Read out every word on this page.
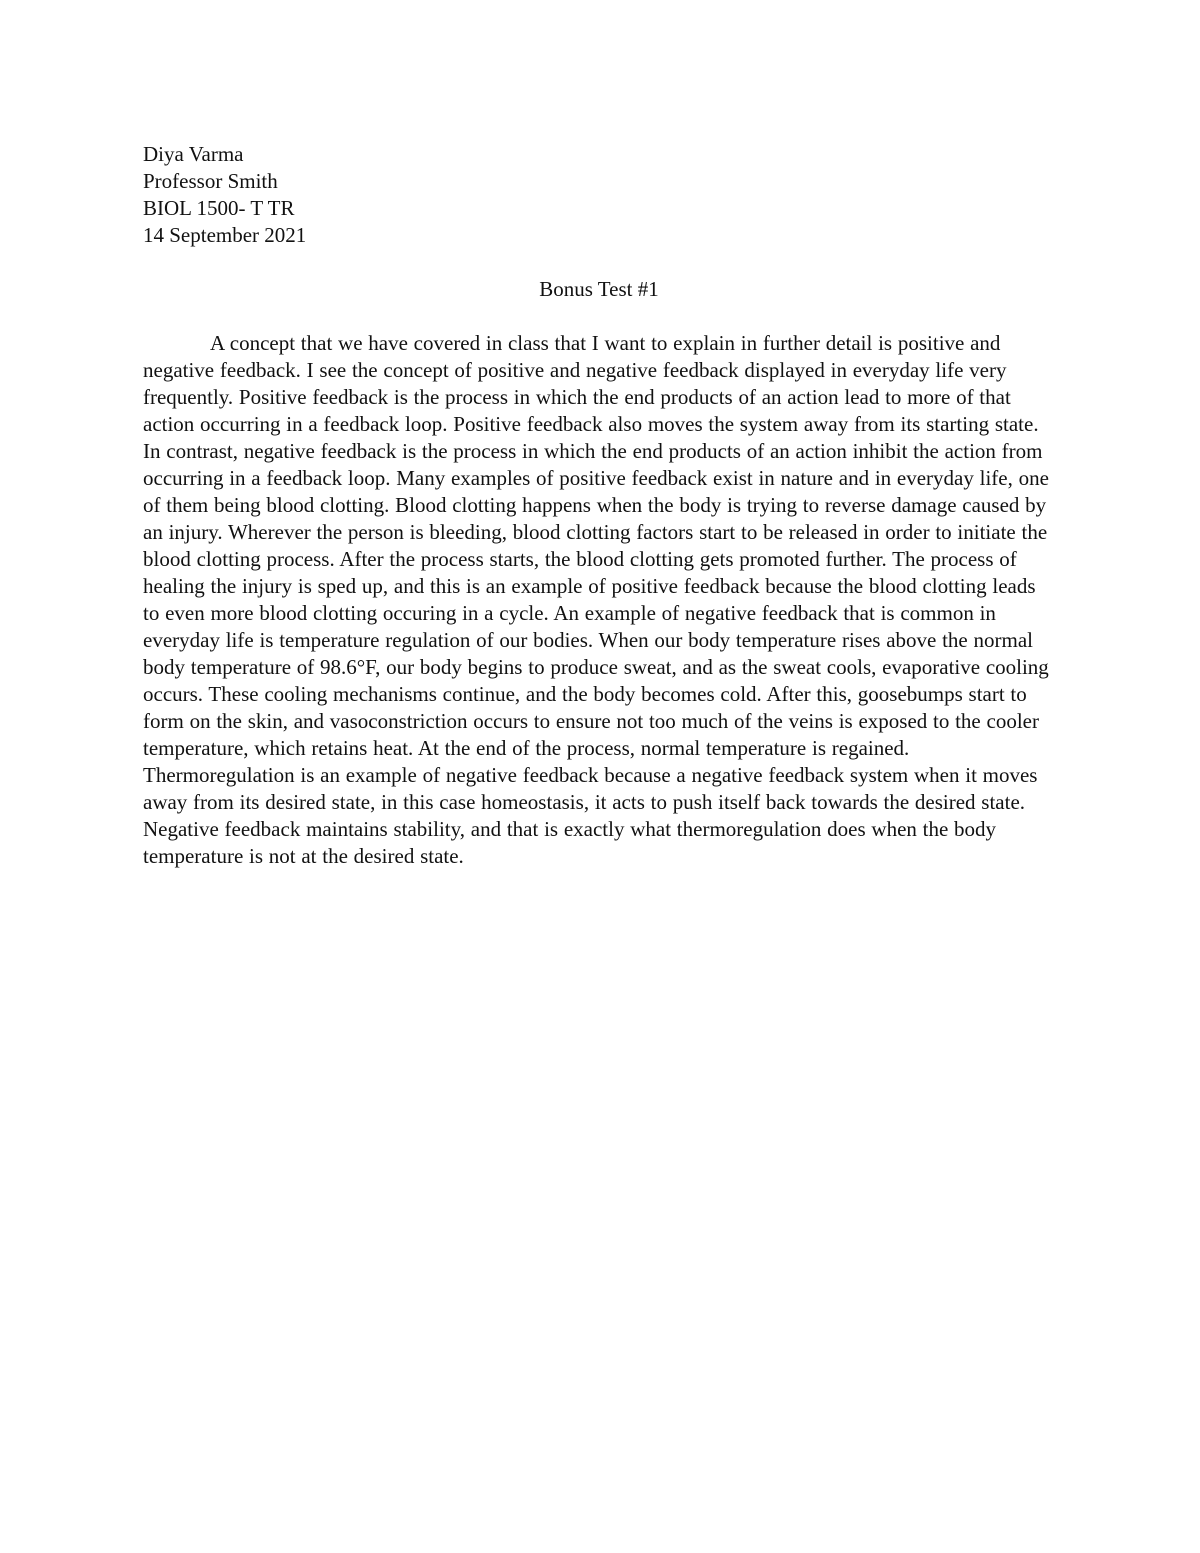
Diya Varma
Professor Smith
BIOL 1500- T TR
14 September 2021
Bonus Test #1

A concept that we have covered in class that I want to explain in further detail is positive and negative feedback. I see the concept of positive and negative feedback displayed in everyday life very frequently. Positive feedback is the process in which the end products of an action lead to more of that action occurring in a feedback loop. Positive feedback also moves the system away from its starting state. In contrast, negative feedback is the process in which the end products of an action inhibit the action from occurring in a feedback loop. Many examples of positive feedback exist in nature and in everyday life, one of them being blood clotting. Blood clotting happens when the body is trying to reverse damage caused by an injury. Wherever the person is bleeding, blood clotting factors start to be released in order to initiate the blood clotting process. After the process starts, the blood clotting gets promoted further. The process of healing the injury is sped up, and this is an example of positive feedback because the blood clotting leads to even more blood clotting occuring in a cycle. An example of negative feedback that is common in everyday life is temperature regulation of our bodies. When our body temperature rises above the normal body temperature of 98.6°F, our body begins to produce sweat, and as the sweat cools, evaporative cooling occurs. These cooling mechanisms continue, and the body becomes cold. After this, goosebumps start to form on the skin, and vasoconstriction occurs to ensure not too much of the veins is exposed to the cooler temperature, which retains heat. At the end of the process, normal temperature is regained. Thermoregulation is an example of negative feedback because a negative feedback system when it moves away from its desired state, in this case homeostasis, it acts to push itself back towards the desired state. Negative feedback maintains stability, and that is exactly what thermoregulation does when the body temperature is not at the desired state.
